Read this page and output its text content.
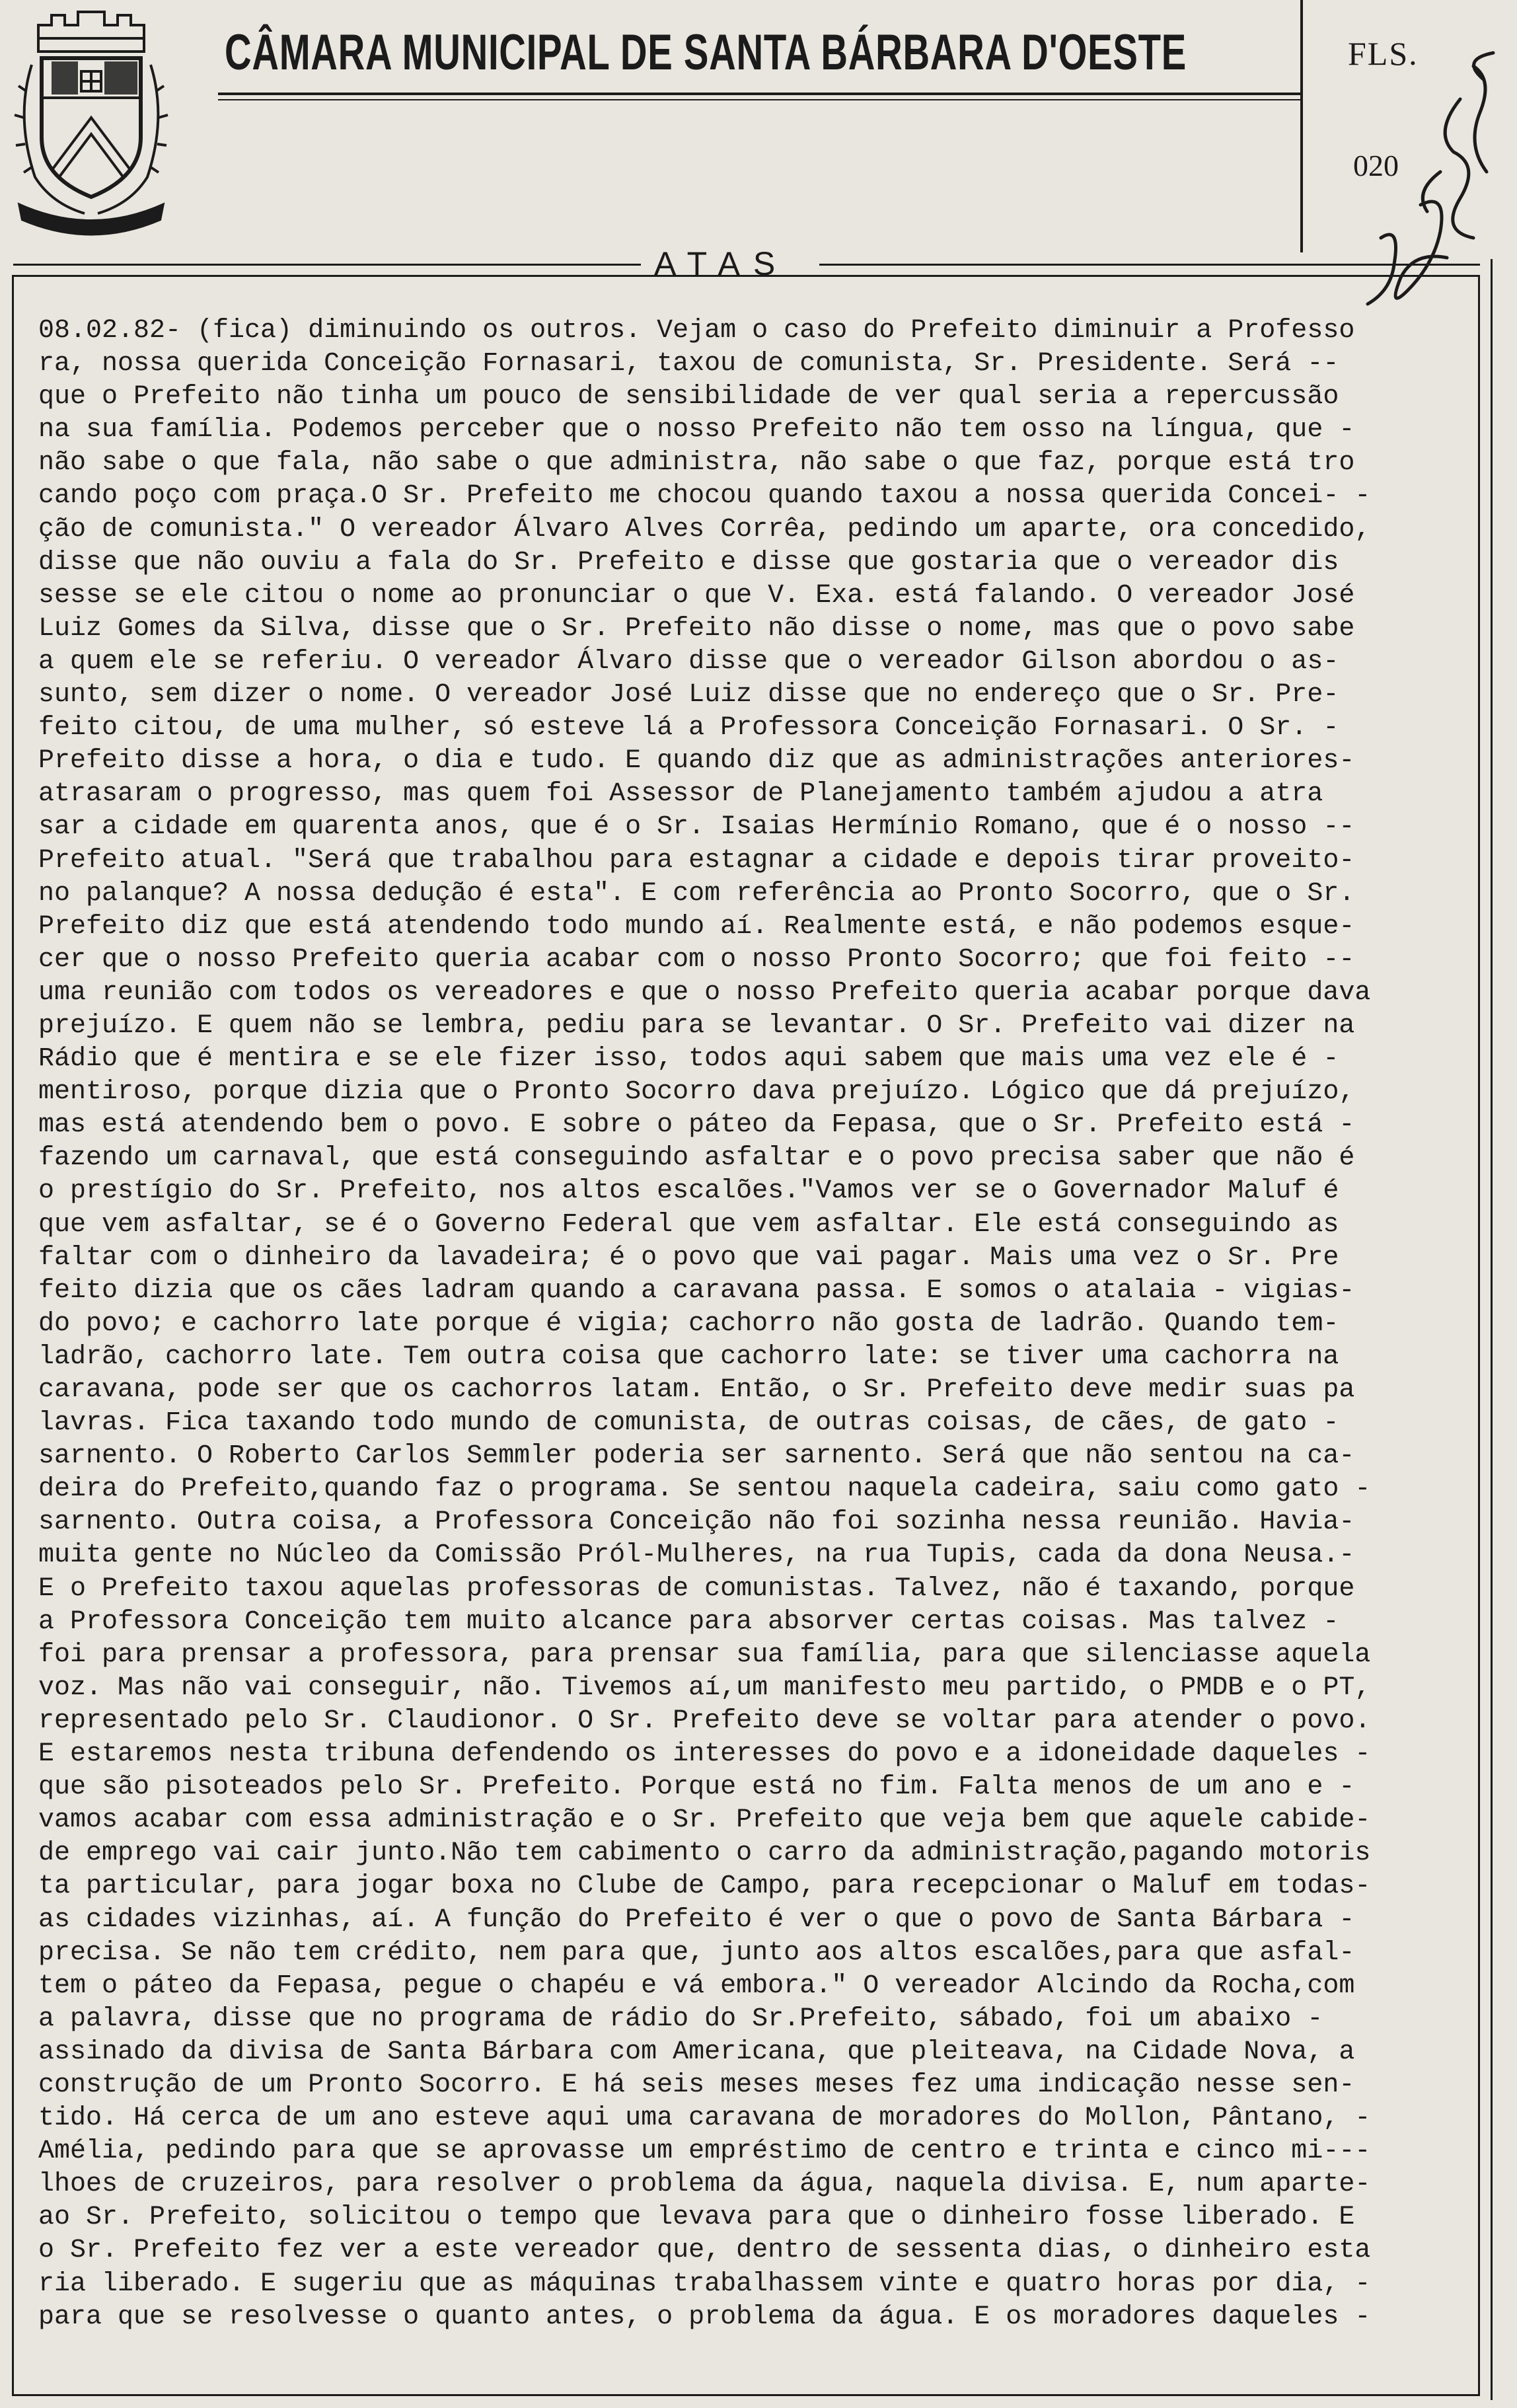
CÂMARA MUNICIPAL DE SANTA BÁRBARA D'OESTE	FLS.
020
ATAS
08.02.82- (fica) diminuindo os outros. Vejam o caso do Prefeito diminuir a Professo
ra, nossa querida Conceição Fornasari, taxou de comunista, Sr. Presidente. Será --
que o Prefeito não tinha um pouco de sensibilidade de ver qual seria a repercussão
na sua família. Podemos perceber que o nosso Prefeito não tem osso na língua, que -
não sabe o que fala, não sabe o que administra, não sabe o que faz, porque está tro
cando poço com praça.O Sr. Prefeito me chocou quando taxou a nossa querida Concei- -
ção de comunista." O vereador Álvaro Alves Corrêa, pedindo um aparte, ora concedido,
disse que não ouviu a fala do Sr. Prefeito e disse que gostaria que o vereador dis
sesse se ele citou o nome ao pronunciar o que V. Exa. está falando. O vereador José
Luiz Gomes da Silva, disse que o Sr. Prefeito não disse o nome, mas que o povo sabe
a quem ele se referiu. O vereador Álvaro disse que o vereador Gilson abordou o as-
sunto, sem dizer o nome. O vereador José Luiz disse que no endereço que o Sr. Pre-
feito citou, de uma mulher, só esteve lá a Professora Conceição Fornasari. O Sr. -
Prefeito disse a hora, o dia e tudo. E quando diz que as administrações anteriores-
atrasaram o progresso, mas quem foi Assessor de Planejamento também ajudou a atra
sar a cidade em quarenta anos, que é o Sr. Isaias Hermínio Romano, que é o nosso --
Prefeito atual. "Será que trabalhou para estagnar a cidade e depois tirar proveito-
no palanque? A nossa dedução é esta". E com referência ao Pronto Socorro, que o Sr.
Prefeito diz que está atendendo todo mundo aí. Realmente está, e não podemos esque-
cer que o nosso Prefeito queria acabar com o nosso Pronto Socorro; que foi feito --
uma reunião com todos os vereadores e que o nosso Prefeito queria acabar porque dava
prejuízo. E quem não se lembra, pediu para se levantar. O Sr. Prefeito vai dizer na
Rádio que é mentira e se ele fizer isso, todos aqui sabem que mais uma vez ele é -
mentiroso, porque dizia que o Pronto Socorro dava prejuízo. Lógico que dá prejuízo,
mas está atendendo bem o povo. E sobre o páteo da Fepasa, que o Sr. Prefeito está -
fazendo um carnaval, que está conseguindo asfaltar e o povo precisa saber que não é
o prestígio do Sr. Prefeito, nos altos escalões."Vamos ver se o Governador Maluf é
que vem asfaltar, se é o Governo Federal que vem asfaltar. Ele está conseguindo as
faltar com o dinheiro da lavadeira; é o povo que vai pagar. Mais uma vez o Sr. Pre
feito dizia que os cães ladram quando a caravana passa. E somos o atalaia - vigias-
do povo; e cachorro late porque é vigia; cachorro não gosta de ladrão. Quando tem-
ladrão, cachorro late. Tem outra coisa que cachorro late: se tiver uma cachorra na
caravana, pode ser que os cachorros latam. Então, o Sr. Prefeito deve medir suas pa
lavras. Fica taxando todo mundo de comunista, de outras coisas, de cães, de gato -
sarnento. O Roberto Carlos Semmler poderia ser sarnento. Será que não sentou na ca-
deira do Prefeito,quando faz o programa. Se sentou naquela cadeira, saiu como gato -
sarnento. Outra coisa, a Professora Conceição não foi sozinha nessa reunião. Havia-
muita gente no Núcleo da Comissão Pról-Mulheres, na rua Tupis, cada da dona Neusa.-
E o Prefeito taxou aquelas professoras de comunistas. Talvez, não é taxando, porque
a Professora Conceição tem muito alcance para absorver certas coisas. Mas talvez -
foi para prensar a professora, para prensar sua família, para que silenciasse aquela
voz. Mas não vai conseguir, não. Tivemos aí,um manifesto meu partido, o PMDB e o PT,
representado pelo Sr. Claudionor. O Sr. Prefeito deve se voltar para atender o povo.
E estaremos nesta tribuna defendendo os interesses do povo e a idoneidade daqueles -
que são pisoteados pelo Sr. Prefeito. Porque está no fim. Falta menos de um ano e -
vamos acabar com essa administração e o Sr. Prefeito que veja bem que aquele cabide-
de emprego vai cair junto.Não tem cabimento o carro da administração,pagando motoris
ta particular, para jogar boxa no Clube de Campo, para recepcionar o Maluf em todas-
as cidades vizinhas, aí. A função do Prefeito é ver o que o povo de Santa Bárbara -
precisa. Se não tem crédito, nem para que, junto aos altos escalões,para que asfal-
tem o páteo da Fepasa, pegue o chapéu e vá embora." O vereador Alcindo da Rocha,com
a palavra, disse que no programa de rádio do Sr.Prefeito, sábado, foi um abaixo -
assinado da divisa de Santa Bárbara com Americana, que pleiteava, na Cidade Nova, a
construção de um Pronto Socorro. E há seis meses meses fez uma indicação nesse sen-
tido. Há cerca de um ano esteve aqui uma caravana de moradores do Mollon, Pântano, -
Amélia, pedindo para que se aprovasse um empréstimo de centro e trinta e cinco mi---
lhoes de cruzeiros, para resolver o problema da água, naquela divisa. E, num aparte-
ao Sr. Prefeito, solicitou o tempo que levava para que o dinheiro fosse liberado. E
o Sr. Prefeito fez ver a este vereador que, dentro de sessenta dias, o dinheiro esta
ria liberado. E sugeriu que as máquinas trabalhassem vinte e quatro horas por dia, -
para que se resolvesse o quanto antes, o problema da água. E os moradores daqueles -
